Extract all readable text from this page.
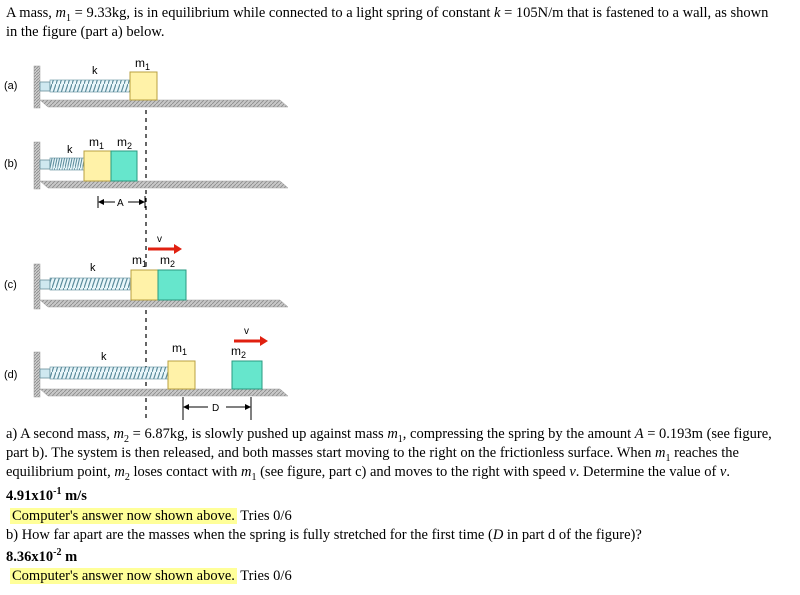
A mass, $m_1 = 9.33kg$, is in equilibrium while connected to a light spring of constant k = 105N/m that is fastened to a wall, as shown
in the figure (part a) below.
(a)
k
$m_1$
(b)
k
$m_1$ $m_2$
A
(c)
k
$m_1$ $m_2$
v
(d)
k
$m_1$	$m_2$
v
D
a) A second mass, $m_2 = 6.87kg$, is slowly pushed up against mass $m_1$, compressing the spring by the amount A = 0.193m (see figure,
part b). The system is then released, and both masses start moving to the right on the frictionless surface. When $m_1$ reaches the
equilibrium point, $m_2$ loses contact with $m_1$ (see figure, part c) and moves to the right with speed v. Determine the value of v.
$4.91x10^{-1}$ m/s
Computer's answer now shown above. Tries 0/6
b) How far apart are the masses when the spring is fully stretched for the first time (D in part d of the figure)?
$8.36x10^{-2}$ m
Computer's answer now shown above. Tries 0/6
